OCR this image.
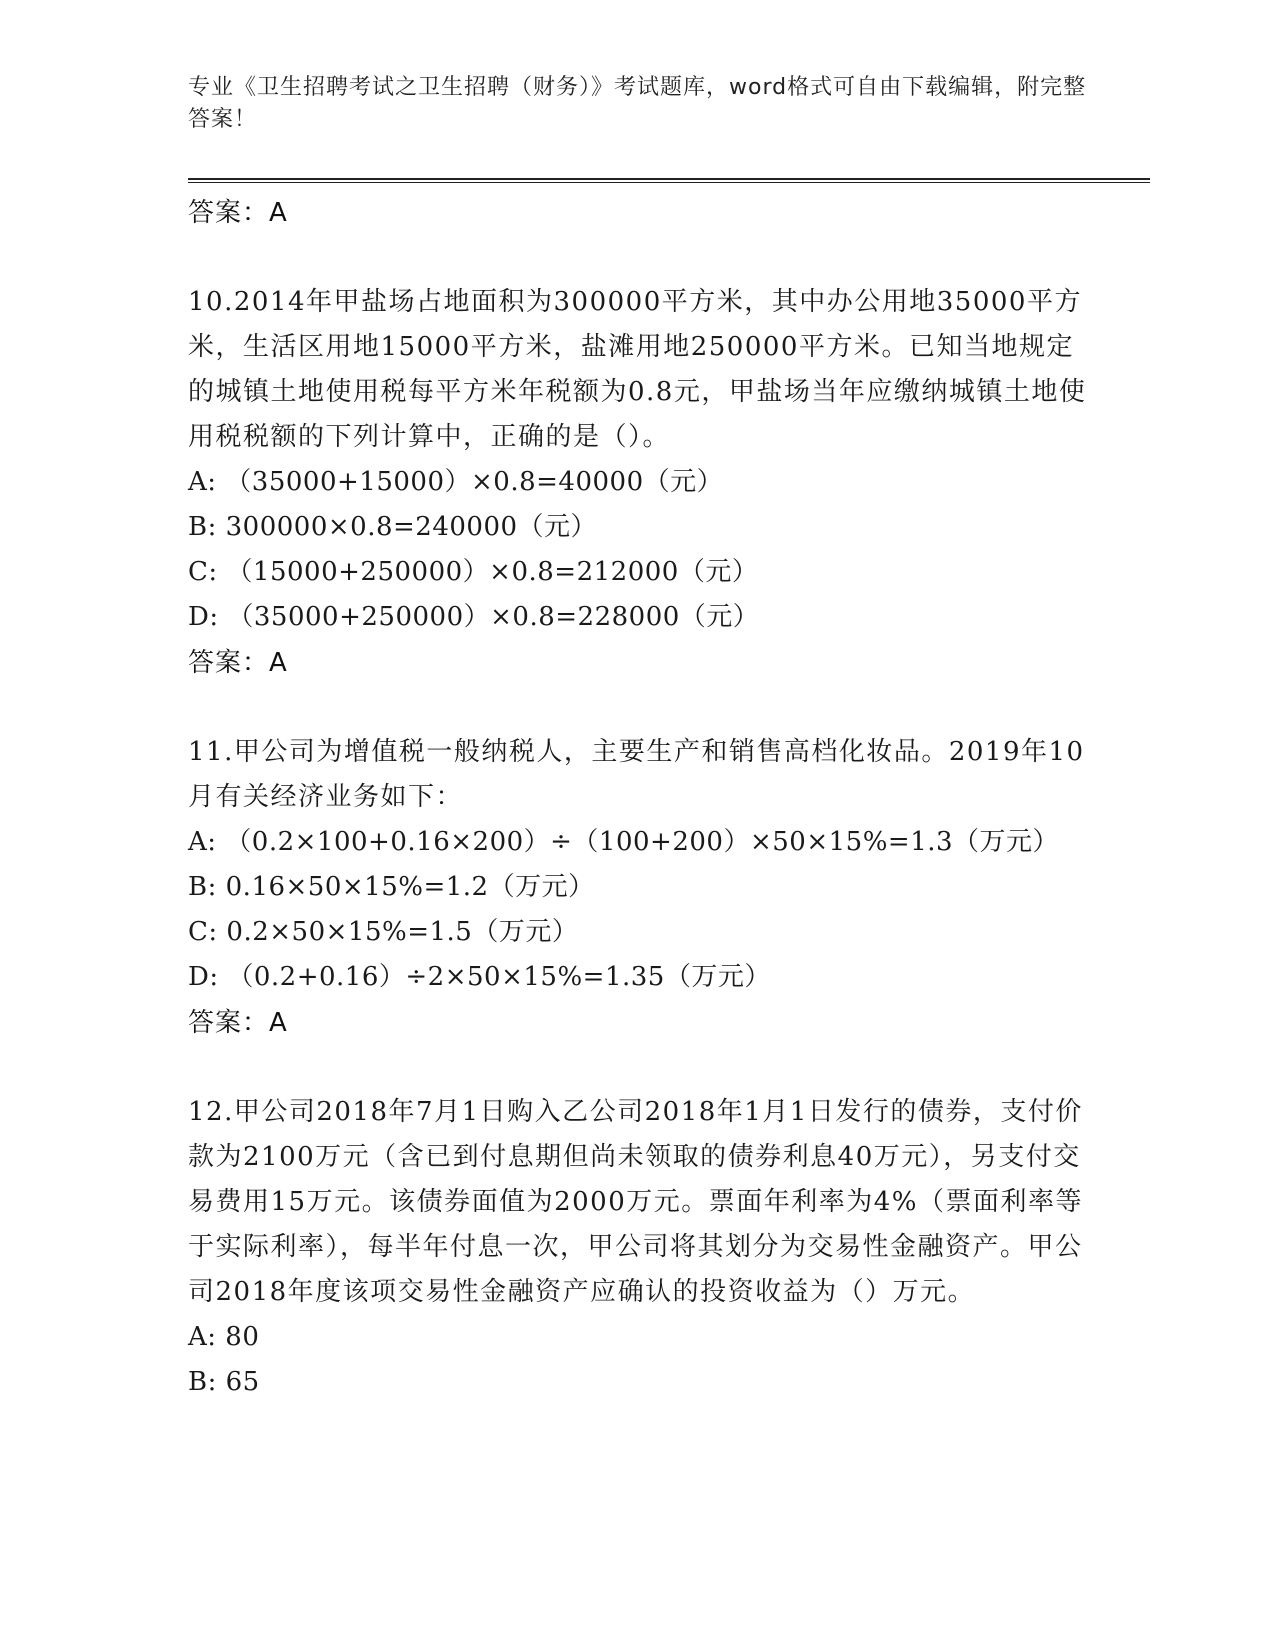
专业《卫生招聘考试之卫生招聘（财务）》考试题库，word格式可自由下载编辑，附完整答案！
答案：A
10.2014年甲盐场占地面积为300000平方米，其中办公用地35000平方米，生活区用地15000平方米，盐滩用地250000平方米。已知当地规定的城镇土地使用税每平方米年税额为0.8元，甲盐场当年应缴纳城镇土地使用税税额的下列计算中，正确的是（）。
A: （35000+15000）×0.8=40000（元）
B: 300000×0.8=240000（元）
C: （15000+250000）×0.8=212000（元）
D: （35000+250000）×0.8=228000（元）
答案：A
11.甲公司为增值税一般纳税人，主要生产和销售高档化妆品。2019年10月有关经济业务如下：
A: （0.2×100+0.16×200）÷（100+200）×50×15%=1.3（万元）
B: 0.16×50×15%=1.2（万元）
C: 0.2×50×15%=1.5（万元）
D: （0.2+0.16）÷2×50×15%=1.35（万元）
答案：A
12.甲公司2018年7月1日购入乙公司2018年1月1日发行的债券，支付价款为2100万元（含已到付息期但尚未领取的债券利息40万元），另支付交易费用15万元。该债券面值为2000万元。票面年利率为4%（票面利率等于实际利率），每半年付息一次，甲公司将其划分为交易性金融资产。甲公司2018年度该项交易性金融资产应确认的投资收益为（）万元。
A: 80
B: 65
